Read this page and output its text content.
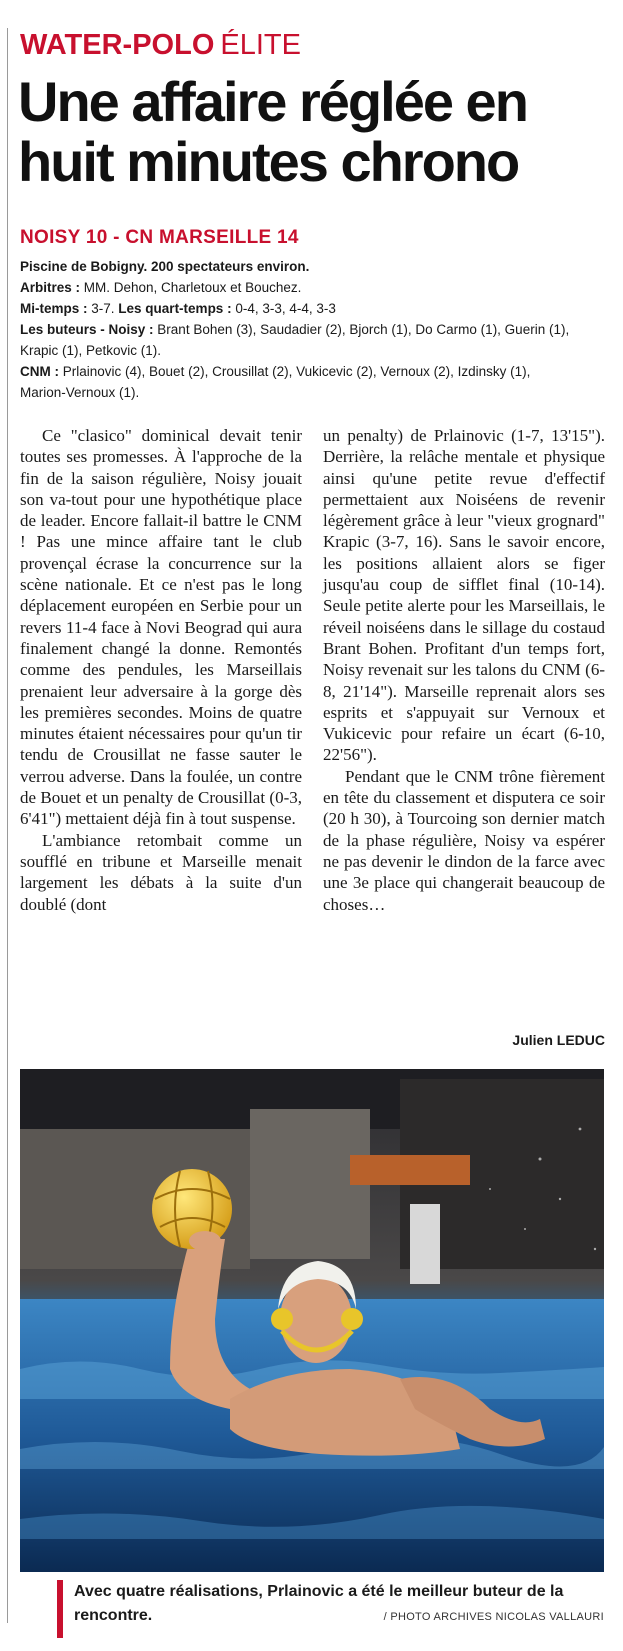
WATER-POLO ÉLITE
Une affaire réglée en huit minutes chrono
NOISY 10 - CN MARSEILLE 14
Piscine de Bobigny. 200 spectateurs environ.
Arbitres : MM. Dehon, Charletoux et Bouchez.
Mi-temps : 3-7. Les quart-temps : 0-4, 3-3, 4-4, 3-3
Les buteurs - Noisy : Brant Bohen (3), Saudadier (2), Bjorch (1), Do Carmo (1), Guerin (1),
Krapic (1), Petkovic (1).
CNM : Prlainovic (4), Bouet (2), Crousillat (2), Vukicevic (2), Vernoux (2), Izdinsky (1),
Marion-Vernoux (1).

Ce "clasico" dominical devait tenir toutes ses promesses. À l'approche de la fin de la saison régulière, Noisy jouait son va-tout pour une hypothétique place de leader. Encore fallait-il battre le CNM ! Pas une mince affaire tant le club provençal écrase la concurrence sur la scène nationale. Et ce n'est pas le long déplacement européen en Serbie pour un revers 11-4 face à Novi Beograd qui aura finalement changé la donne. Remontés comme des pendules, les Marseillais prenaient leur adversaire à la gorge dès les premières secondes. Moins de quatre minutes étaient nécessaires pour qu'un tir tendu de Crousillat ne fasse sauter le verrou adverse. Dans la foulée, un contre de Bouet et un penalty de Crousillat (0-3, 6'41") mettaient déjà fin à tout suspense.

L'ambiance retombait comme un soufflé en tribune et Marseille menait largement les débats à la suite d'un doublé (dont

un penalty) de Prlainovic (1-7, 13'15"). Derrière, la relâche mentale et physique ainsi qu'une petite revue d'effectif permettaient aux Noiséens de revenir légèrement grâce à leur "vieux grognard" Krapic (3-7, 16). Sans le savoir encore, les positions allaient alors se figer jusqu'au coup de sifflet final (10-14). Seule petite alerte pour les Marseillais, le réveil noiséens dans le sillage du costaud Brant Bohen. Profitant d'un temps fort, Noisy revenait sur les talons du CNM (6-8, 21'14"). Marseille reprenait alors ses esprits et s'appuyait sur Vernoux et Vukicevic pour refaire un écart (6-10, 22'56").

Pendant que le CNM trône fièrement en tête du classement et disputera ce soir (20 h 30), à Tourcoing son dernier match de la phase régulière, Noisy va espérer ne pas devenir le dindon de la farce avec une 3e place qui changerait beaucoup de choses…

Julien LEDUC
Avec quatre réalisations, Prlainovic a été le meilleur buteur de la rencontre.	/ PHOTO ARCHIVES NICOLAS VALLAURI
